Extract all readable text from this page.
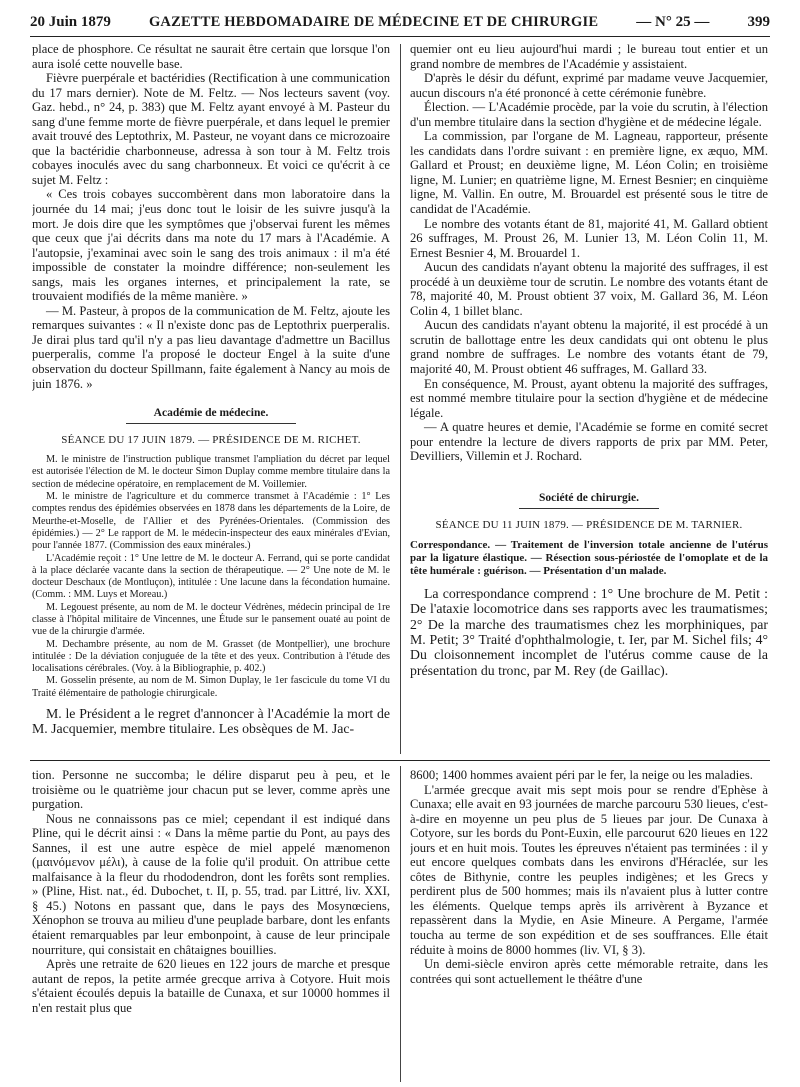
20 Juin 1879	GAZETTE HEBDOMADAIRE DE MÉDECINE ET DE CHIRURGIE	— N° 25 —	399

place de phosphore. Ce résultat ne saurait être certain que lorsque l'on aura isolé cette nouvelle base.

Fièvre puerpérale et bactéridies (Rectification à une communication du 17 mars dernier). Note de M. Feltz. — Nos lecteurs savent (voy. Gaz. hebd., n° 24, p. 383) que M. Feltz ayant envoyé à M. Pasteur du sang d'une femme morte de fièvre puerpérale, et dans lequel le premier avait trouvé des Leptothrix, M. Pasteur, ne voyant dans ce microzoaire que la bactéridie charbonneuse, adressa à son tour à M. Feltz trois cobayes inoculés avec du sang charbonneux. Et voici ce qu'écrit à ce sujet M. Feltz :

« Ces trois cobayes succombèrent dans mon laboratoire dans la journée du 14 mai; j'eus donc tout le loisir de les suivre jusqu'à la mort. Je dois dire que les symptômes que j'observai furent les mêmes que ceux que j'ai décrits dans ma note du 17 mars à l'Académie. A l'autopsie, j'examinai avec soin le sang des trois animaux : il m'a été impossible de constater la moindre différence; non-seulement les sangs, mais les organes internes, et principalement la rate, se trouvaient modifiés de la même manière. »

— M. Pasteur, à propos de la communication de M. Feltz, ajoute les remarques suivantes : « Il n'existe donc pas de Leptothrix puerperalis. Je dirai plus tard qu'il n'y a pas lieu davantage d'admettre un Bacillus puerperalis, comme l'a proposé le docteur Engel à la suite d'une observation du docteur Spillmann, faite également à Nancy au mois de juin 1876. »

Académie de médecine.
SÉANCE DU 17 JUIN 1879. — PRÉSIDENCE DE M. RICHET.

M. le ministre de l'instruction publique transmet l'ampliation du décret par lequel est autorisée l'élection de M. le docteur Simon Duplay comme membre titulaire dans la section de médecine opératoire, en remplacement de M. Voillemier.

M. le ministre de l'agriculture et du commerce transmet à l'Académie : 1° Les comptes rendus des épidémies observées en 1878 dans les départements de la Loire, de Meurthe-et-Moselle, de l'Allier et des Pyrénées-Orientales. (Commission des épidémies.) — 2° Le rapport de M. le médecin-inspecteur des eaux minérales d'Evian, pour l'année 1877. (Commission des eaux minérales.)

L'Académie reçoit : 1° Une lettre de M. le docteur A. Ferrand, qui se porte candidat à la place déclarée vacante dans la section de thérapeutique. — 2° Une note de M. le docteur Deschaux (de Montluçon), intitulée : Une lacune dans la fécondation humaine. (Comm. : MM. Luys et Moreau.)

M. Legouest présente, au nom de M. le docteur Védrènes, médecin principal de 1re classe à l'hôpital militaire de Vincennes, une Étude sur le pansement ouaté au point de vue de la chirurgie d'armée.

M. Dechambre présente, au nom de M. Grasset (de Montpellier), une brochure intitulée : De la déviation conjuguée de la tête et des yeux. Contribution à l'étude des localisations cérébrales. (Voy. à la Bibliographie, p. 402.)

M. Gosselin présente, au nom de M. Simon Duplay, le 1er fascicule du tome VI du Traité élémentaire de pathologie chirurgicale.

M. le Président a le regret d'annoncer à l'Académie la mort de M. Jacquemier, membre titulaire. Les obsèques de M. Jac-

quemier ont eu lieu aujourd'hui mardi ; le bureau tout entier et un grand nombre de membres de l'Académie y assistaient.

D'après le désir du défunt, exprimé par madame veuve Jacquemier, aucun discours n'a été prononcé à cette cérémonie funèbre.

Élection. — L'Académie procède, par la voie du scrutin, à l'élection d'un membre titulaire dans la section d'hygiène et de médecine légale.

La commission, par l'organe de M. Lagneau, rapporteur, présente les candidats dans l'ordre suivant : en première ligne, ex æquo, MM. Gallard et Proust; en deuxième ligne, M. Léon Colin; en troisième ligne, M. Lunier; en quatrième ligne, M. Ernest Besnier; en cinquième ligne, M. Vallin. En outre, M. Brouardel est présenté sous le titre de candidat de l'Académie.

Le nombre des votants étant de 81, majorité 41, M. Gallard obtient 26 suffrages, M. Proust 26, M. Lunier 13, M. Léon Colin 11, M. Ernest Besnier 4, M. Brouardel 1.

Aucun des candidats n'ayant obtenu la majorité des suffrages, il est procédé à un deuxième tour de scrutin. Le nombre des votants étant de 78, majorité 40, M. Proust obtient 37 voix, M. Gallard 36, M. Léon Colin 4, 1 billet blanc.

Aucun des candidats n'ayant obtenu la majorité, il est procédé à un scrutin de ballottage entre les deux candidats qui ont obtenu le plus grand nombre de suffrages. Le nombre des votants étant de 79, majorité 40, M. Proust obtient 46 suffrages, M. Gallard 33.

En conséquence, M. Proust, ayant obtenu la majorité des suffrages, est nommé membre titulaire pour la section d'hygiène et de médecine légale.

— A quatre heures et demie, l'Académie se forme en comité secret pour entendre la lecture de divers rapports de prix par MM. Peter, Devilliers, Villemin et J. Rochard.

Société de chirurgie.
SÉANCE DU 11 JUIN 1879. — PRÉSIDENCE DE M. TARNIER.
Correspondance. — Traitement de l'inversion totale ancienne de l'utérus par la ligature élastique. — Résection sous-périostée de l'omoplate et de la tête humérale : guérison. — Présentation d'un malade.

La correspondance comprend : 1° Une brochure de M. Petit : De l'ataxie locomotrice dans ses rapports avec les traumatismes; 2° De la marche des traumatismes chez les morphiniques, par M. Petit; 3° Traité d'ophthalmologie, t. Ier, par M. Sichel fils; 4° Du cloisonnement incomplet de l'utérus comme cause de la présentation du tronc, par M. Rey (de Gaillac).

tion. Personne ne succomba; le délire disparut peu à peu, et le troisième ou le quatrième jour chacun put se lever, comme après une purgation.

Nous ne connaissons pas ce miel; cependant il est indiqué dans Pline, qui le décrit ainsi : « Dans la même partie du Pont, au pays des Sannes, il est une autre espèce de miel appelé mænomenon (μαινόμενον μέλι), à cause de la folie qu'il produit. On attribue cette malfaisance à la fleur du rhododendron, dont les forêts sont remplies. » (Pline, Hist. nat., éd. Dubochet, t. II, p. 55, trad. par Littré, liv. XXI, § 45.) Notons en passant que, dans le pays des Mosynœciens, Xénophon se trouva au milieu d'une peuplade barbare, dont les enfants étaient remarquables par leur embonpoint, à cause de leur principale nourriture, qui consistait en châtaignes bouillies.

Après une retraite de 620 lieues en 122 jours de marche et presque autant de repos, la petite armée grecque arriva à Cotyore. Huit mois s'étaient écoulés depuis la bataille de Cunaxa, et sur 10000 hommes il n'en restait plus que

8600; 1400 hommes avaient péri par le fer, la neige ou les maladies.

L'armée grecque avait mis sept mois pour se rendre d'Ephèse à Cunaxa; elle avait en 93 journées de marche parcouru 530 lieues, c'est-à-dire en moyenne un peu plus de 5 lieues par jour. De Cunaxa à Cotyore, sur les bords du Pont-Euxin, elle parcourut 620 lieues en 122 jours et en huit mois. Toutes les épreuves n'étaient pas terminées : il y eut encore quelques combats dans les environs d'Héraclée, sur les côtes de Bithynie, contre les peuples indigènes; et les Grecs y perdirent plus de 500 hommes; mais ils n'avaient plus à lutter contre les éléments. Quelque temps après ils arrivèrent à Byzance et repassèrent dans la Mydie, en Asie Mineure. A Pergame, l'armée toucha au terme de son expédition et de ses souffrances. Elle était réduite à moins de 8000 hommes (liv. VI, § 3).

Un demi-siècle environ après cette mémorable retraite, dans les contrées qui sont actuellement le théâtre d'une
